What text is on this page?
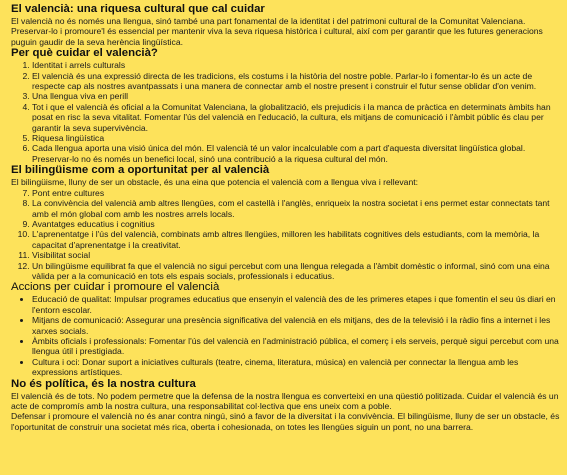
El valencià: una riquesa cultural que cal cuidar

El valencià no és només una llengua, sinó també una part fonamental de la identitat i del patrimoni cultural de la Comunitat Valenciana. Preservar-lo i promoure'l és essencial per mantenir viva la seva riquesa històrica i cultural, així com per garantir que les futures generacions puguin gaudir de la seva herència lingüística.

Per què cuidar el valencià?
1. Identitat i arrels culturals
2. El valencià és una expressió directa de les tradicions, els costums i la història del nostre poble. Parlar-lo i fomentar-lo és un acte de respecte cap als nostres avantpassats i una manera de connectar amb el nostre present i construir el futur sense oblidar d'on venim.
3. Una llengua viva en perill
4. Tot i que el valencià és oficial a la Comunitat Valenciana, la globalització, els prejudicis i la manca de pràctica en determinats àmbits han posat en risc la seva vitalitat. Fomentar l'ús del valencià en l'educació, la cultura, els mitjans de comunicació i l'àmbit públic és clau per garantir la seva supervivència.
5. Riquesa lingüística
6. Cada llengua aporta una visió única del món. El valencià té un valor incalculable com a part d'aquesta diversitat lingüística global. Preservar-lo no és només un benefici local, sinó una contribució a la riquesa cultural del món.
El bilingüisme com a oportunitat per al valencià

El bilingüisme, lluny de ser un obstacle, és una eina que potencia el valencià com a llengua viva i rellevant:

7. Pont entre cultures
8. La convivència del valencià amb altres llengües, com el castellà i l'anglès, enriqueix la nostra societat i ens permet estar connectats tant amb el món global com amb les nostres arrels locals.
9. Avantatges educatius i cognitius
10. L'aprenentatge i l'ús del valencià, combinats amb altres llengües, milloren les habilitats cognitives dels estudiants, com la memòria, la capacitat d'aprenentatge i la creativitat.
11. Visibilitat social
12. Un bilingüisme equilibrat fa que el valencià no sigui percebut com una llengua relegada a l'àmbit domèstic o informal, sinó com una eina vàlida per a la comunicació en tots els espais socials, professionals i educatius.
Accions per cuidar i promoure el valencià
• Educació de qualitat: Impulsar programes educatius que ensenyin el valencià des de les primeres etapes i que fomentin el seu ús diari en l'entorn escolar.
• Mitjans de comunicació: Assegurar una presència significativa del valencià en els mitjans, des de la televisió i la ràdio fins a internet i les xarxes socials.
• Àmbits oficials i professionals: Fomentar l'ús del valencià en l'administració pública, el comerç i els serveis, perquè sigui percebut com una llengua útil i prestigiada.
• Cultura i oci: Donar suport a iniciatives culturals (teatre, cinema, literatura, música) en valencià per connectar la llengua amb les expressions artístiques.
No és política, és la nostra cultura

El valencià és de tots. No podem permetre que la defensa de la nostra llengua es converteixi en una qüestió politizada. Cuidar el valencià és un acte de compromís amb la nostra cultura, una responsabilitat col·lectiva que ens uneix com a poble.

Defensar i promoure el valencià no és anar contra ningú, sinó a favor de la diversitat i la convivència. El bilingüisme, lluny de ser un obstacle, és l'oportunitat de construir una societat més rica, oberta i cohesionada, on totes les llengües siguin un pont, no una barrera.
